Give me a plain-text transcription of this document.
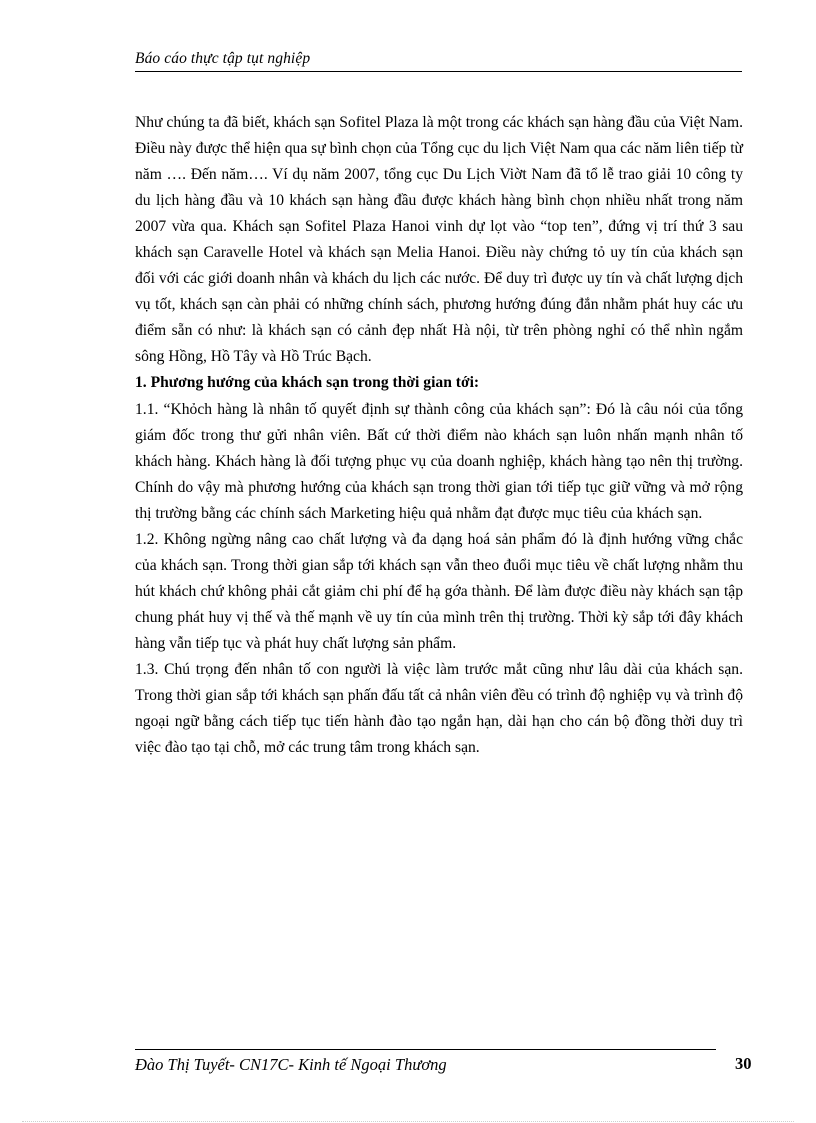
Báo cáo thực tập tụt nghiệp

Như chúng ta đã biết, khách sạn Sofitel Plaza là một trong các khách sạn hàng đầu của Việt Nam. Điều này được thể hiện qua sự bình chọn của Tổng cục du lịch Việt Nam qua các năm liên tiếp từ năm …. Đến năm…. Ví dụ năm 2007, tổng cục Du Lịch Viờt Nam đã tổ lễ trao giải 10 công ty du lịch hàng đầu và 10 khách sạn hàng đầu được khách hàng bình chọn nhiều nhất trong năm 2007 vừa qua. Khách sạn Sofitel Plaza Hanoi vinh dự lọt vào “top ten”, đứng vị trí thứ 3 sau khách sạn Caravelle Hotel và khách sạn Melia Hanoi. Điều này chứng tỏ uy tín của khách sạn đối với các giới doanh nhân và khách du lịch các nước. Để duy trì được uy tín và chất lượng dịch vụ tốt, khách sạn càn phải có những chính sách, phương hướng đúng đắn nhằm phát huy các ưu điểm sẵn có như: là khách sạn có cảnh đẹp nhất Hà nội, từ trên phòng nghỉ có thể nhìn ngắm sông Hồng, Hồ Tây và Hồ Trúc Bạch.

1. Phương hướng của khách sạn trong thời gian tới:

1.1. “Khỏch hàng là nhân tố quyết định sự thành công của khách sạn”: Đó là câu nói của tổng giám đốc trong thư gửi nhân viên. Bất cứ thời điểm nào khách sạn luôn nhấn mạnh nhân tố khách hàng. Khách hàng là đối tượng phục vụ của doanh nghiệp, khách hàng tạo nên thị trường. Chính do vậy mà phương hướng của khách sạn trong thời gian tới tiếp tục giữ vững và mở rộng thị trường bằng các chính sách Marketing hiệu quả nhằm đạt được mục tiêu của khách sạn.

1.2. Không ngừng nâng cao chất lượng và đa dạng hoá sản phẩm đó là định hướng vững chắc của khách sạn. Trong thời gian sắp tới khách sạn vẫn theo đuổi mục tiêu về chất lượng nhằm thu hút khách chứ không phải cắt giảm chi phí để hạ gớa thành. Để làm được điều này khách sạn tập chung phát huy vị thế và thế mạnh về uy tín của mình trên thị trường. Thời kỳ sắp tới đây khách hàng vẫn tiếp tục và phát huy chất lượng sản phẩm.

1.3. Chú trọng đến nhân tố con người là việc làm trước mắt cũng như lâu dài của khách sạn. Trong thời gian sắp tới khách sạn phấn đấu tất cả nhân viên đều có trình độ nghiệp vụ và trình độ ngoại ngữ bằng cách tiếp tục tiến hành đào tạo ngắn hạn, dài hạn cho cán bộ đồng thời duy trì việc đào tạo tại chỗ, mở các trung tâm trong khách sạn.

Đào Thị Tuyết- CN17C- Kinh tế Ngoại Thương	30
